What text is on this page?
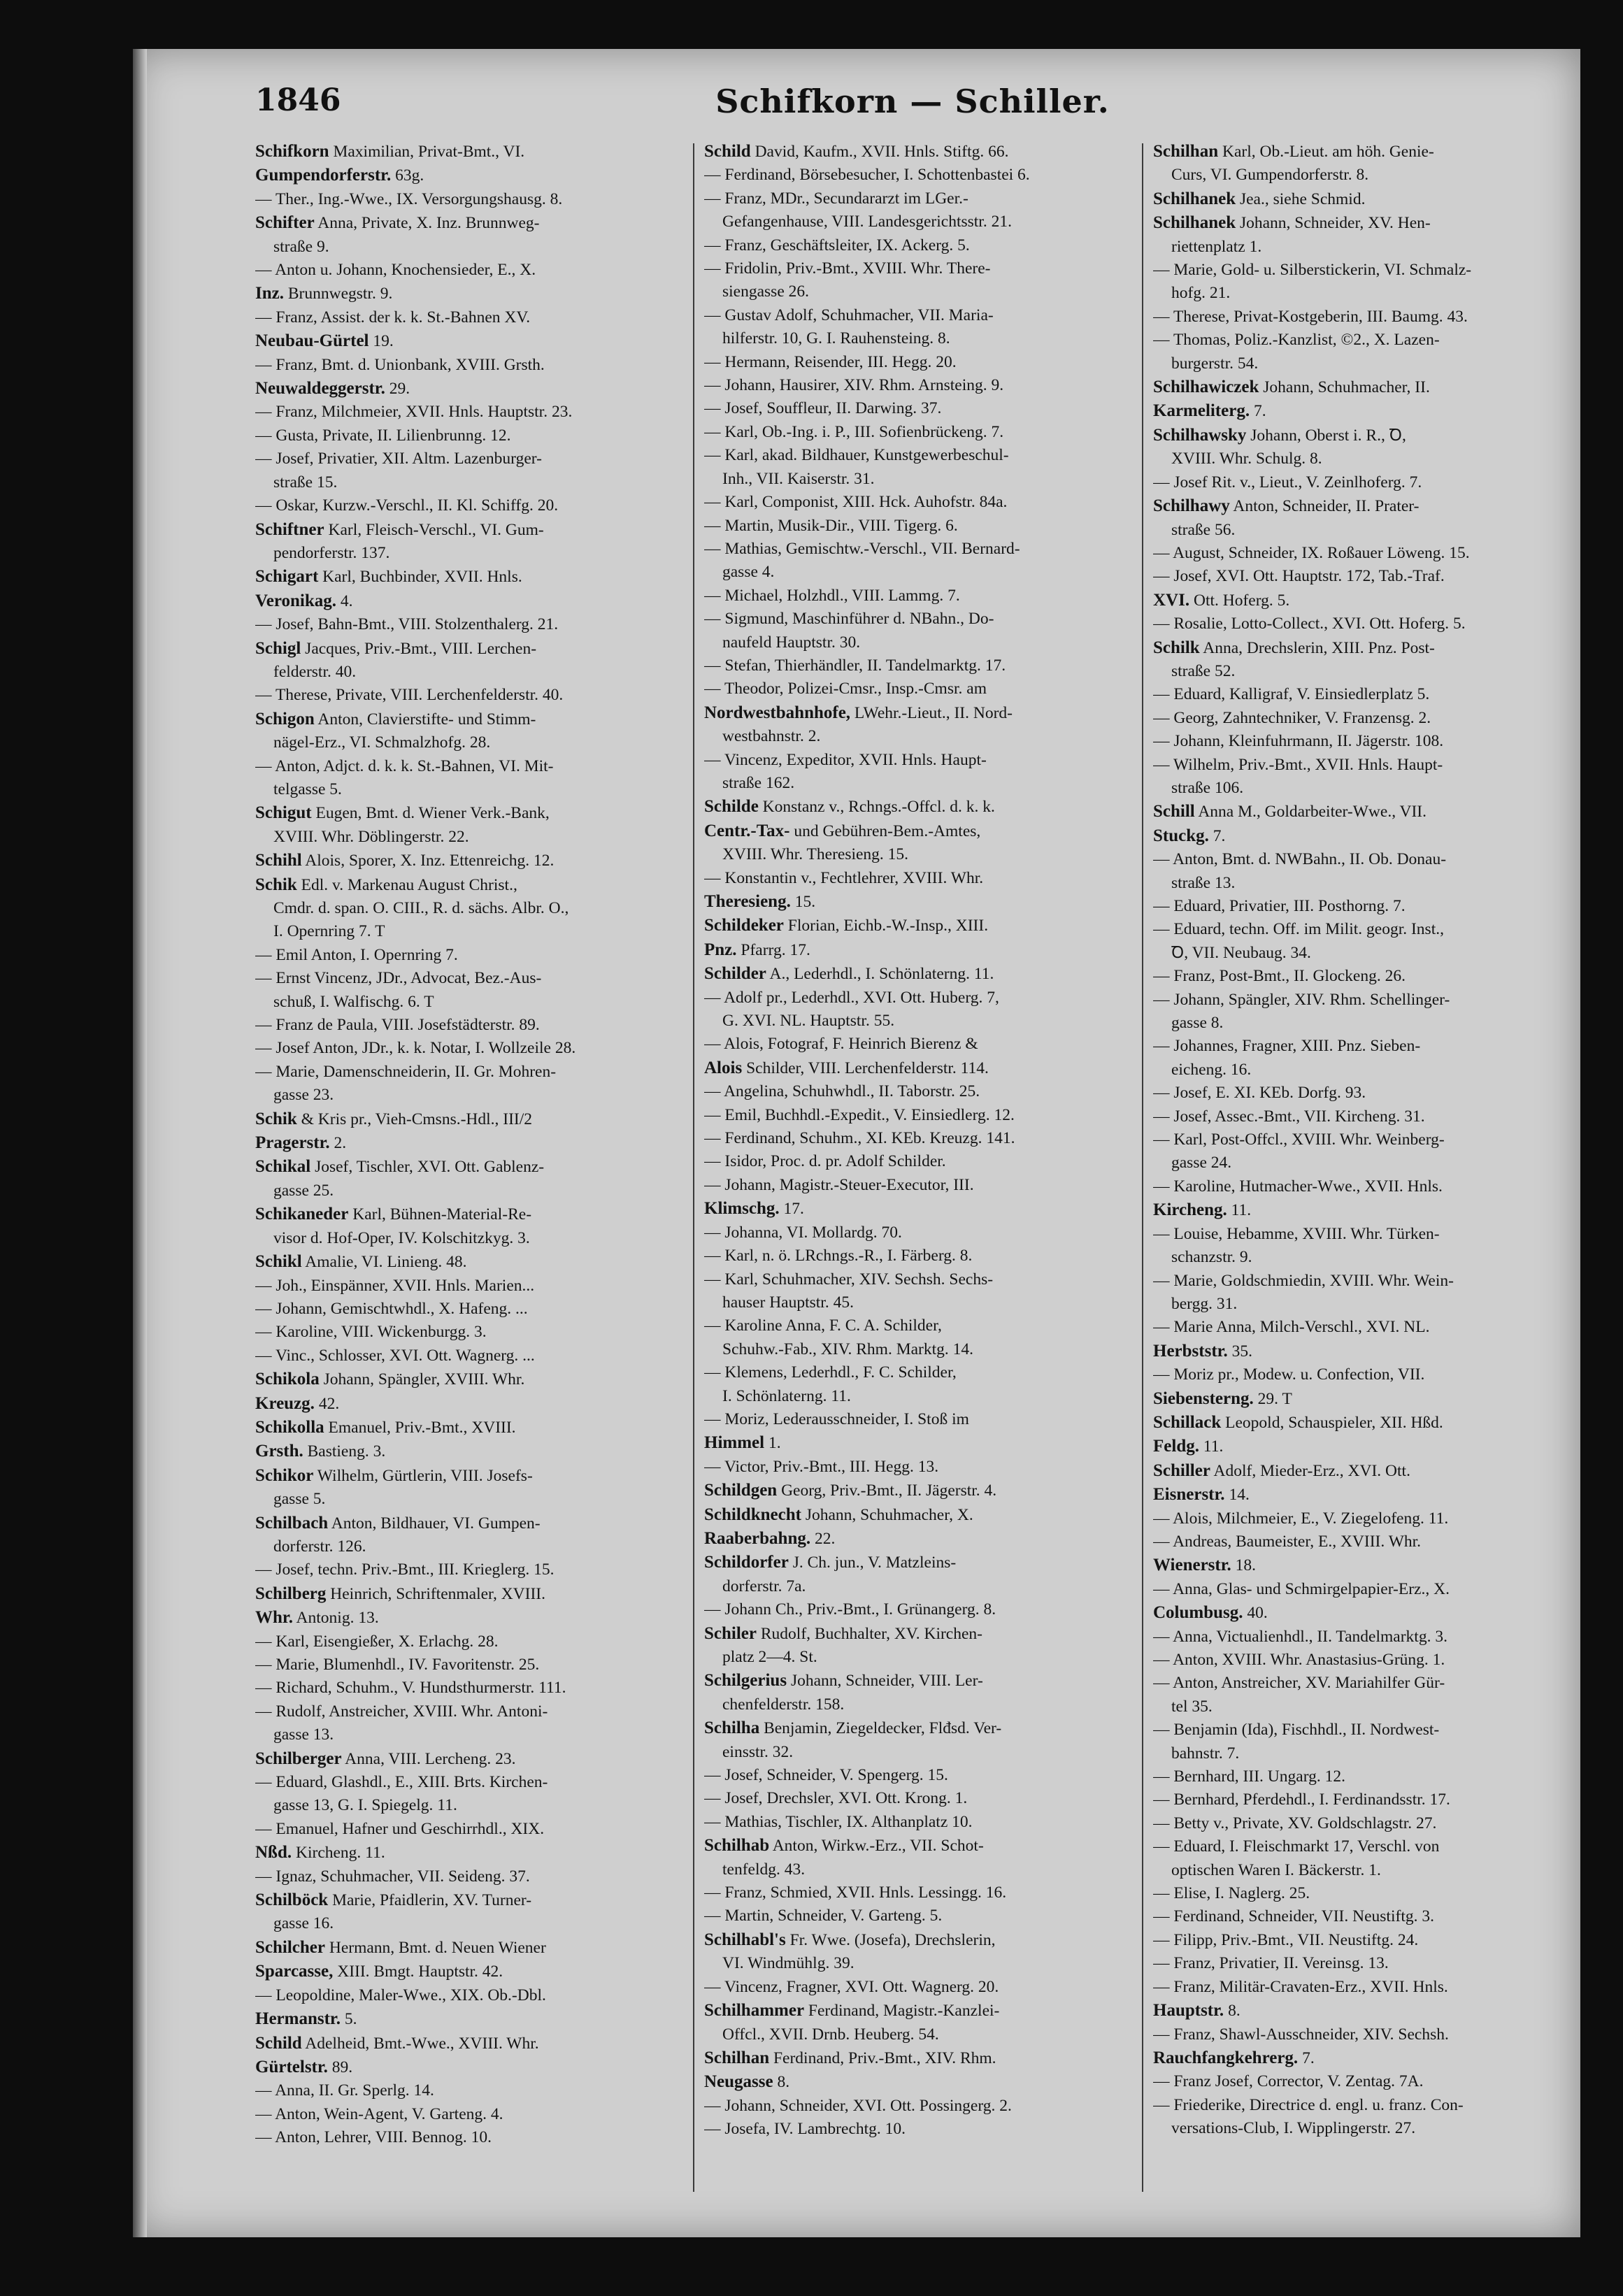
1846	Schifkorn — Schiller.
Schifkorn Maximilian, Privat-Bmt., VI.
Gumpendorferstr. 63g.
— Ther., Ing.-Wwe., IX. Versorgungshausg. 8.
Schifter Anna, Private, X. Inz. Brunnweg-
straße 9.
— Anton u. Johann, Knochensieder, E., X.
Inz. Brunnwegstr. 9.
— Franz, Assist. der k. k. St.-Bahnen XV.
Neubau-Gürtel 19.
— Franz, Bmt. d. Unionbank, XVIII. Grsth.
Neuwaldeggerstr. 29.
— Franz, Milchmeier, XVII. Hnls. Hauptstr. 23.
— Gusta, Private, II. Lilienbrunng. 12.
— Josef, Privatier, XII. Altm. Lazenburger-
straße 15.
— Oskar, Kurzw.-Verschl., II. Kl. Schiffg. 20.
Schiftner Karl, Fleisch-Verschl., VI. Gum-
pendorferstr. 137.
Schigart Karl, Buchbinder, XVII. Hnls.
Veronikag. 4.
— Josef, Bahn-Bmt., VIII. Stolzenthalerg. 21.
Schigl Jacques, Priv.-Bmt., VIII. Lerchen-
felderstr. 40.
— Therese, Private, VIII. Lerchenfelderstr. 40.
Schigon Anton, Clavierstifte- und Stimm-
nägel-Erz., VI. Schmalzhofg. 28.
— Anton, Adjct. d. k. k. St.-Bahnen, VI. Mit-
telgasse 5.
Schigut Eugen, Bmt. d. Wiener Verk.-Bank,
XVIII. Whr. Döblingerstr. 22.
Schihl Alois, Sporer, X. Inz. Ettenreichg. 12.
Schik Edl. v. Markenau August Christ.,
Cmdr. d. span. O. CIII., R. d. sächs. Albr. O.,
I. Opernring 7. T
— Emil Anton, I. Opernring 7.
— Ernst Vincenz, JDr., Advocat, Bez.-Aus-
schuß, I. Walfischg. 6. T
— Franz de Paula, VIII. Josefstädterstr. 89.
— Josef Anton, JDr., k. k. Notar, I. Wollzeile 28.
— Marie, Damenschneiderin, II. Gr. Mohren-
gasse 23.
Schik & Kris pr., Vieh-Cmsns.-Hdl., III/2
Pragerstr. 2.
Schikal Josef, Tischler, XVI. Ott. Gablenz-
gasse 25.
Schikaneder Karl, Bühnen-Material-Re-
visor d. Hof-Oper, IV. Kolschitzkyg. 3.
Schikl Amalie, VI. Linieng. 48.
— Joh., Einspänner, XVII. Hnls. Marien...
— Johann, Gemischtwhdl., X. Hafeng. ...
— Karoline, VIII. Wickenburgg. 3.
— Vinc., Schlosser, XVI. Ott. Wagnerg. ...
Schikola Johann, Spängler, XVIII. Whr.
Kreuzg. 42.
Schikolla Emanuel, Priv.-Bmt., XVIII.
Grsth. Bastieng. 3.
Schikor Wilhelm, Gürtlerin, VIII. Josefs-
gasse 5.
Schilbach Anton, Bildhauer, VI. Gumpen-
dorferstr. 126.
— Josef, techn. Priv.-Bmt., III. Krieglerg. 15.
Schilberg Heinrich, Schriftenmaler, XVIII.
Whr. Antonig. 13.
— Karl, Eisengießer, X. Erlachg. 28.
— Marie, Blumenhdl., IV. Favoritenstr. 25.
— Richard, Schuhm., V. Hundsthurmerstr. 111.
— Rudolf, Anstreicher, XVIII. Whr. Antoni-
gasse 13.
Schilberger Anna, VIII. Lercheng. 23.
— Eduard, Glashdl., E., XIII. Brts. Kirchen-
gasse 13, G. I. Spiegelg. 11.
— Emanuel, Hafner und Geschirrhdl., XIX.
Nßd. Kircheng. 11.
— Ignaz, Schuhmacher, VII. Seideng. 37.
Schilböck Marie, Pfaidlerin, XV. Turner-
gasse 16.
Schilcher Hermann, Bmt. d. Neuen Wiener
Sparcasse, XIII. Bmgt. Hauptstr. 42.
— Leopoldine, Maler-Wwe., XIX. Ob.-Dbl.
Hermanstr. 5.
Schild Adelheid, Bmt.-Wwe., XVIII. Whr.
Gürtelstr. 89.
— Anna, II. Gr. Sperlg. 14.
— Anton, Wein-Agent, V. Garteng. 4.
— Anton, Lehrer, VIII. Bennog. 10.
Schild David, Kaufm., XVII. Hnls. Stiftg. 66.
— Ferdinand, Börsebesucher, I. Schottenbastei 6.
— Franz, MDr., Secundararzt im LGer.-
Gefangenhause, VIII. Landesgerichtsstr. 21.
— Franz, Geschäftsleiter, IX. Ackerg. 5.
— Fridolin, Priv.-Bmt., XVIII. Whr. There-
siengasse 26.
— Gustav Adolf, Schuhmacher, VII. Maria-
hilferstr. 10, G. I. Rauhensteing. 8.
— Hermann, Reisender, III. Hegg. 20.
— Johann, Hausirer, XIV. Rhm. Arnsteing. 9.
— Josef, Souffleur, II. Darwing. 37.
— Karl, Ob.-Ing. i. P., III. Sofienbrückeng. 7.
— Karl, akad. Bildhauer, Kunstgewerbeschul-
Inh., VII. Kaiserstr. 31.
— Karl, Componist, XIII. Hck. Auhofstr. 84a.
— Martin, Musik-Dir., VIII. Tigerg. 6.
— Mathias, Gemischtw.-Verschl., VII. Bernard-
gasse 4.
— Michael, Holzhdl., VIII. Lammg. 7.
— Sigmund, Maschinführer d. NBahn., Do-
naufeld Hauptstr. 30.
— Stefan, Thierhändler, II. Tandelmarktg. 17.
— Theodor, Polizei-Cmsr., Insp.-Cmsr. am
Nordwestbahnhofe, LWehr.-Lieut., II. Nord-
westbahnstr. 2.
— Vincenz, Expeditor, XVII. Hnls. Haupt-
straße 162.
Schilde Konstanz v., Rchngs.-Offcl. d. k. k.
Centr.-Tax- und Gebühren-Bem.-Amtes,
XVIII. Whr. Theresieng. 15.
— Konstantin v., Fechtlehrer, XVIII. Whr.
Theresieng. 15.
Schildeker Florian, Eichb.-W.-Insp., XIII.
Pnz. Pfarrg. 17.
Schilder A., Lederhdl., I. Schönlaterng. 11.
— Adolf pr., Lederhdl., XVI. Ott. Huberg. 7,
G. XVI. NL. Hauptstr. 55.
— Alois, Fotograf, F. Heinrich Bierenz &
Alois Schilder, VIII. Lerchenfelderstr. 114.
— Angelina, Schuhwhdl., II. Taborstr. 25.
— Emil, Buchhdl.-Expedit., V. Einsiedlerg. 12.
— Ferdinand, Schuhm., XI. KEb. Kreuzg. 141.
— Isidor, Proc. d. pr. Adolf Schilder.
— Johann, Magistr.-Steuer-Executor, III.
Klimschg. 17.
— Johanna, VI. Mollardg. 70.
— Karl, n. ö. LRchngs.-R., I. Färberg. 8.
— Karl, Schuhmacher, XIV. Sechsh. Sechs-
hauser Hauptstr. 45.
— Karoline Anna, F. C. A. Schilder,
Schuhw.-Fab., XIV. Rhm. Marktg. 14.
— Klemens, Lederhdl., F. C. Schilder,
I. Schönlaterng. 11.
— Moriz, Lederausschneider, I. Stoß im
Himmel 1.
— Victor, Priv.-Bmt., III. Hegg. 13.
Schildgen Georg, Priv.-Bmt., II. Jägerstr. 4.
Schildknecht Johann, Schuhmacher, X.
Raaberbahng. 22.
Schildorfer J. Ch. jun., V. Matzleins-
dorferstr. 7a.
— Johann Ch., Priv.-Bmt., I. Grünangerg. 8.
Schiler Rudolf, Buchhalter, XV. Kirchen-
platz 2—4. St.
Schilgerius Johann, Schneider, VIII. Ler-
chenfelderstr. 158.
Schilha Benjamin, Ziegeldecker, Flđsd. Ver-
einsstr. 32.
— Josef, Schneider, V. Spengerg. 15.
— Josef, Drechsler, XVI. Ott. Krong. 1.
— Mathias, Tischler, IX. Althanplatz 10.
Schilhab Anton, Wirkw.-Erz., VII. Schot-
tenfeldg. 43.
— Franz, Schmied, XVII. Hnls. Lessingg. 16.
— Martin, Schneider, V. Garteng. 5.
Schilhabl's Fr. Wwe. (Josefa), Drechslerin,
VI. Windmühlg. 39.
— Vincenz, Fragner, XVI. Ott. Wagnerg. 20.
Schilhammer Ferdinand, Magistr.-Kanzlei-
Offcl., XVII. Drnb. Heuberg. 54.
Schilhan Ferdinand, Priv.-Bmt., XIV. Rhm.
Neugasse 8.
— Johann, Schneider, XVI. Ott. Possingerg. 2.
— Josefa, IV. Lambrechtg. 10.
Schilhan Karl, Ob.-Lieut. am höh. Genie-
Curs, VI. Gumpendorferstr. 8.
Schilhanek Jea., siehe Schmid.
Schilhanek Johann, Schneider, XV. Hen-
riettenplatz 1.
— Marie, Gold- u. Silberstickerin, VI. Schmalz-
hofg. 21.
— Therese, Privat-Kostgeberin, III. Baumg. 43.
— Thomas, Poliz.-Kanzlist, ©2., X. Lazen-
burgerstr. 54.
Schilhawiczek Johann, Schuhmacher, II.
Karmeliterg. 7.
Schilhawsky Johann, Oberst i. R., Ꝺ,
XVIII. Whr. Schulg. 8.
— Josef Rit. v., Lieut., V. Zeinlhoferg. 7.
Schilhawy Anton, Schneider, II. Prater-
straße 56.
— August, Schneider, IX. Roßauer Löweng. 15.
— Josef, XVI. Ott. Hauptstr. 172, Tab.-Traf.
XVI. Ott. Hoferg. 5.
— Rosalie, Lotto-Collect., XVI. Ott. Hoferg. 5.
Schilk Anna, Drechslerin, XIII. Pnz. Post-
straße 52.
— Eduard, Kalligraf, V. Einsiedlerplatz 5.
— Georg, Zahntechniker, V. Franzensg. 2.
— Johann, Kleinfuhrmann, II. Jägerstr. 108.
— Wilhelm, Priv.-Bmt., XVII. Hnls. Haupt-
straße 106.
Schill Anna M., Goldarbeiter-Wwe., VII.
Stuckg. 7.
— Anton, Bmt. d. NWBahn., II. Ob. Donau-
straße 13.
— Eduard, Privatier, III. Posthorng. 7.
— Eduard, techn. Off. im Milit. geogr. Inst.,
Ꝺ, VII. Neubaug. 34.
— Franz, Post-Bmt., II. Glockeng. 26.
— Johann, Spängler, XIV. Rhm. Schellinger-
gasse 8.
— Johannes, Fragner, XIII. Pnz. Sieben-
eicheng. 16.
— Josef, E. XI. KEb. Dorfg. 93.
— Josef, Assec.-Bmt., VII. Kircheng. 31.
— Karl, Post-Offcl., XVIII. Whr. Weinberg-
gasse 24.
— Karoline, Hutmacher-Wwe., XVII. Hnls.
Kircheng. 11.
— Louise, Hebamme, XVIII. Whr. Türken-
schanzstr. 9.
— Marie, Goldschmiedin, XVIII. Whr. Wein-
bergg. 31.
— Marie Anna, Milch-Verschl., XVI. NL.
Herbststr. 35.
— Moriz pr., Modew. u. Confection, VII.
Siebensterng. 29. T
Schillack Leopold, Schauspieler, XII. Hßd.
Feldg. 11.
Schiller Adolf, Mieder-Erz., XVI. Ott.
Eisnerstr. 14.
— Alois, Milchmeier, E., V. Ziegelofeng. 11.
— Andreas, Baumeister, E., XVIII. Whr.
Wienerstr. 18.
— Anna, Glas- und Schmirgelpapier-Erz., X.
Columbusg. 40.
— Anna, Victualienhdl., II. Tandelmarktg. 3.
— Anton, XVIII. Whr. Anastasius-Grüng. 1.
— Anton, Anstreicher, XV. Mariahilfer Gür-
tel 35.
— Benjamin (Ida), Fischhdl., II. Nordwest-
bahnstr. 7.
— Bernhard, III. Ungarg. 12.
— Bernhard, Pferdehdl., I. Ferdinandsstr. 17.
— Betty v., Private, XV. Goldschlagstr. 27.
— Eduard, I. Fleischmarkt 17, Verschl. von
optischen Waren I. Bäckerstr. 1.
— Elise, I. Naglerg. 25.
— Ferdinand, Schneider, VII. Neustiftg. 3.
— Filipp, Priv.-Bmt., VII. Neustiftg. 24.
— Franz, Privatier, II. Vereinsg. 13.
— Franz, Militär-Cravaten-Erz., XVII. Hnls.
Hauptstr. 8.
— Franz, Shawl-Ausschneider, XIV. Sechsh.
Rauchfangkehrerg. 7.
— Franz Josef, Corrector, V. Zentag. 7A.
— Friederike, Directrice d. engl. u. franz. Con-
versations-Club, I. Wipplingerstr. 27.
